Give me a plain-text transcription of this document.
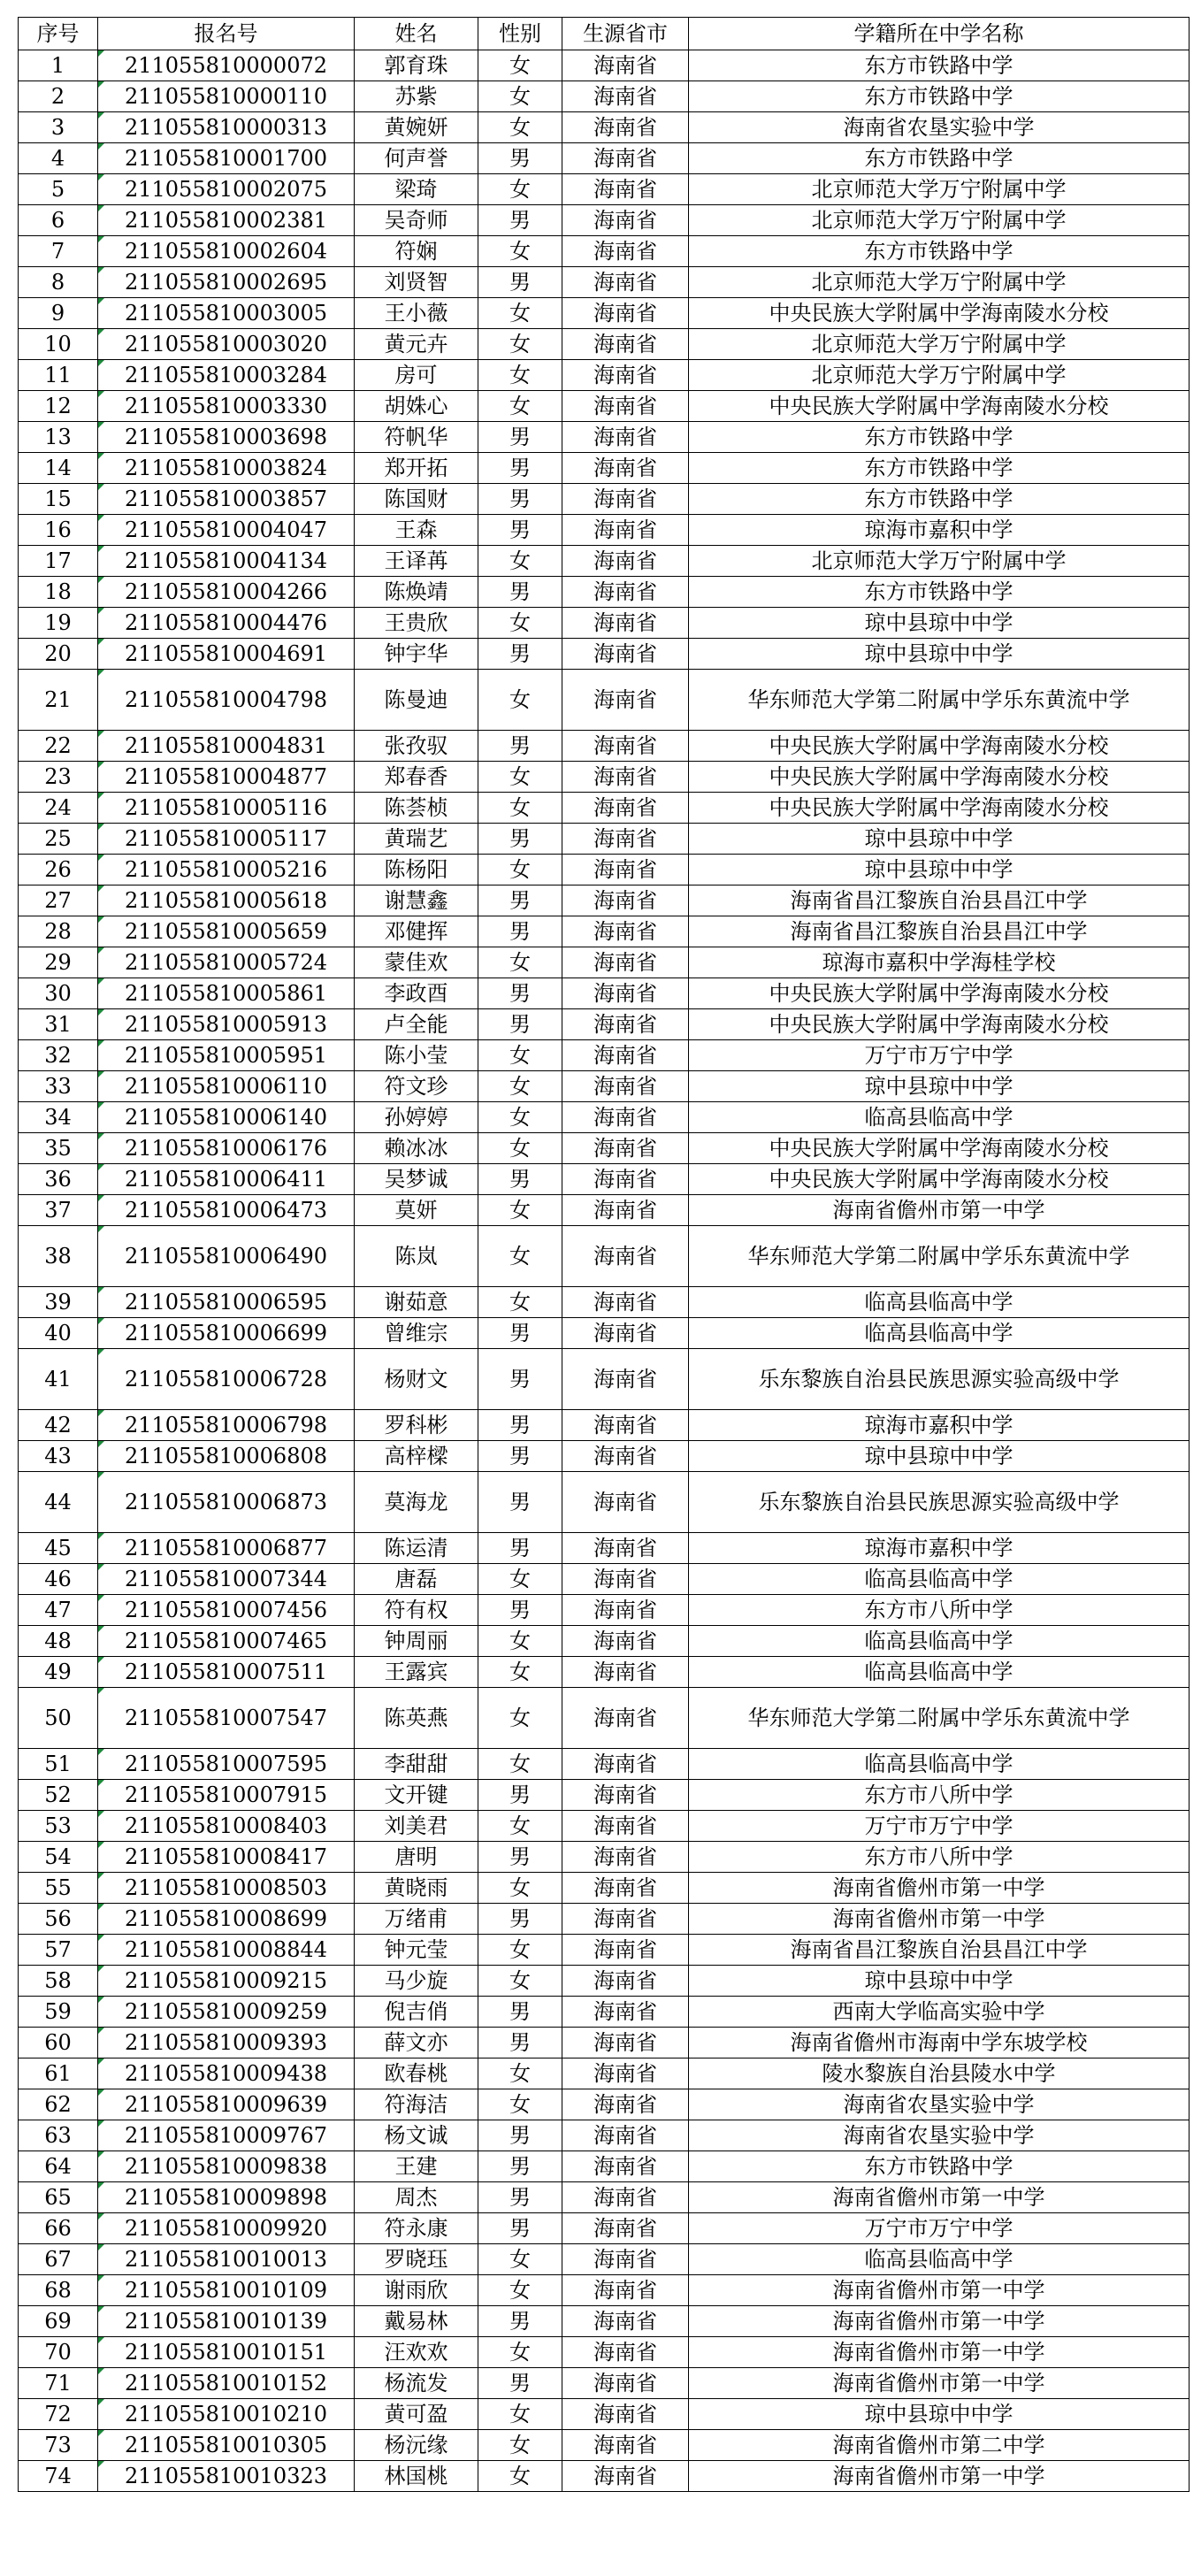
序号	报名号	姓名	性别	生源省市	学籍所在中学名称
1	211055810000072	郭育珠	女	海南省	东方市铁路中学
2	211055810000110	苏紫	女	海南省	东方市铁路中学
3	211055810000313	黄婉妍	女	海南省	海南省农垦实验中学
4	211055810001700	何声誉	男	海南省	东方市铁路中学
5	211055810002075	梁琦	女	海南省	北京师范大学万宁附属中学
6	211055810002381	吴奇师	男	海南省	北京师范大学万宁附属中学
7	211055810002604	符娴	女	海南省	东方市铁路中学
8	211055810002695	刘贤智	男	海南省	北京师范大学万宁附属中学
9	211055810003005	王小薇	女	海南省	中央民族大学附属中学海南陵水分校
10	211055810003020	黄元卉	女	海南省	北京师范大学万宁附属中学
11	211055810003284	房可	女	海南省	北京师范大学万宁附属中学
12	211055810003330	胡姝心	女	海南省	中央民族大学附属中学海南陵水分校
13	211055810003698	符帆华	男	海南省	东方市铁路中学
14	211055810003824	郑开拓	男	海南省	东方市铁路中学
15	211055810003857	陈国财	男	海南省	东方市铁路中学
16	211055810004047	王森	男	海南省	琼海市嘉积中学
17	211055810004134	王译苒	女	海南省	北京师范大学万宁附属中学
18	211055810004266	陈焕靖	男	海南省	东方市铁路中学
19	211055810004476	王贵欣	女	海南省	琼中县琼中中学
20	211055810004691	钟宇华	男	海南省	琼中县琼中中学
21	211055810004798	陈曼迪	女	海南省	华东师范大学第二附属中学乐东黄流中学
22	211055810004831	张孜驭	男	海南省	中央民族大学附属中学海南陵水分校
23	211055810004877	郑春香	女	海南省	中央民族大学附属中学海南陵水分校
24	211055810005116	陈荟桢	女	海南省	中央民族大学附属中学海南陵水分校
25	211055810005117	黄瑞艺	男	海南省	琼中县琼中中学
26	211055810005216	陈杨阳	女	海南省	琼中县琼中中学
27	211055810005618	谢慧鑫	男	海南省	海南省昌江黎族自治县昌江中学
28	211055810005659	邓健挥	男	海南省	海南省昌江黎族自治县昌江中学
29	211055810005724	蒙佳欢	女	海南省	琼海市嘉积中学海桂学校
30	211055810005861	李政酉	男	海南省	中央民族大学附属中学海南陵水分校
31	211055810005913	卢全能	男	海南省	中央民族大学附属中学海南陵水分校
32	211055810005951	陈小莹	女	海南省	万宁市万宁中学
33	211055810006110	符文珍	女	海南省	琼中县琼中中学
34	211055810006140	孙婷婷	女	海南省	临高县临高中学
35	211055810006176	赖冰冰	女	海南省	中央民族大学附属中学海南陵水分校
36	211055810006411	吴梦诚	男	海南省	中央民族大学附属中学海南陵水分校
37	211055810006473	莫妍	女	海南省	海南省儋州市第一中学
38	211055810006490	陈岚	女	海南省	华东师范大学第二附属中学乐东黄流中学
39	211055810006595	谢茹意	女	海南省	临高县临高中学
40	211055810006699	曾维宗	男	海南省	临高县临高中学
41	211055810006728	杨财文	男	海南省	乐东黎族自治县民族思源实验高级中学
42	211055810006798	罗科彬	男	海南省	琼海市嘉积中学
43	211055810006808	高梓樑	男	海南省	琼中县琼中中学
44	211055810006873	莫海龙	男	海南省	乐东黎族自治县民族思源实验高级中学
45	211055810006877	陈运清	男	海南省	琼海市嘉积中学
46	211055810007344	唐磊	女	海南省	临高县临高中学
47	211055810007456	符有权	男	海南省	东方市八所中学
48	211055810007465	钟周丽	女	海南省	临高县临高中学
49	211055810007511	王露宾	女	海南省	临高县临高中学
50	211055810007547	陈英燕	女	海南省	华东师范大学第二附属中学乐东黄流中学
51	211055810007595	李甜甜	女	海南省	临高县临高中学
52	211055810007915	文开键	男	海南省	东方市八所中学
53	211055810008403	刘美君	女	海南省	万宁市万宁中学
54	211055810008417	唐明	男	海南省	东方市八所中学
55	211055810008503	黄晓雨	女	海南省	海南省儋州市第一中学
56	211055810008699	万绪甫	男	海南省	海南省儋州市第一中学
57	211055810008844	钟元莹	女	海南省	海南省昌江黎族自治县昌江中学
58	211055810009215	马少旋	女	海南省	琼中县琼中中学
59	211055810009259	倪吉俏	男	海南省	西南大学临高实验中学
60	211055810009393	薛文亦	男	海南省	海南省儋州市海南中学东坡学校
61	211055810009438	欧春桃	女	海南省	陵水黎族自治县陵水中学
62	211055810009639	符海洁	女	海南省	海南省农垦实验中学
63	211055810009767	杨文诚	男	海南省	海南省农垦实验中学
64	211055810009838	王建	男	海南省	东方市铁路中学
65	211055810009898	周杰	男	海南省	海南省儋州市第一中学
66	211055810009920	符永康	男	海南省	万宁市万宁中学
67	211055810010013	罗晓珏	女	海南省	临高县临高中学
68	211055810010109	谢雨欣	女	海南省	海南省儋州市第一中学
69	211055810010139	戴易林	男	海南省	海南省儋州市第一中学
70	211055810010151	汪欢欢	女	海南省	海南省儋州市第一中学
71	211055810010152	杨流发	男	海南省	海南省儋州市第一中学
72	211055810010210	黄可盈	女	海南省	琼中县琼中中学
73	211055810010305	杨沅缘	女	海南省	海南省儋州市第二中学
74	211055810010323	林国桃	女	海南省	海南省儋州市第一中学
